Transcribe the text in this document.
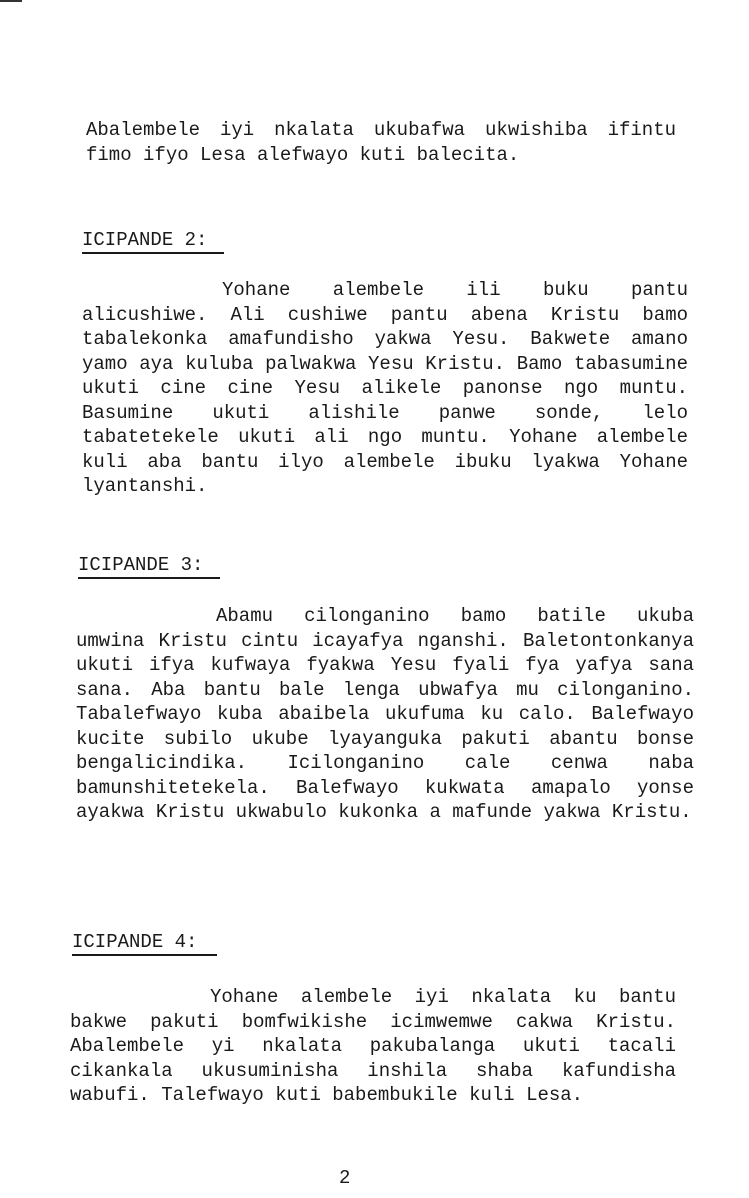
Abalembele iyi nkalata ukubafwa ukwishiba ifintu fimo ifyo Lesa alefwayo kuti balecita.

ICIPANDE 2:

Yohane alembele ili buku pantu alicushiwe. Ali cushiwe pantu abena Kristu bamo tabalekonka amafundisho yakwa Yesu. Bakwete amano yamo aya kuluba palwakwa Yesu Kristu. Bamo tabasumine ukuti cine cine Yesu alikele panonse ngo muntu. Basumine ukuti alishile panwe sonde, lelo tabatetekele ukuti ali ngo muntu. Yohane alembele kuli aba bantu ilyo alembele ibuku lyakwa Yohane lyantanshi.

ICIPANDE 3:

Abamu cilonganino bamo batile ukuba umwina Kristu cintu icayafya nganshi. Baletontonkanya ukuti ifya kufwaya fyakwa Yesu fyali fya yafya sana sana. Aba bantu bale lenga ubwafya mu cilonganino. Tabalefwayo kuba abaibela ukufuma ku calo. Balefwayo kucite subilo ukube lyayanguka pakuti abantu bonse bengalicindika. Icilonganino cale cenwa naba bamunshitetekela. Balefwayo kukwata amapalo yonse ayakwa Kristu ukwabulo kukonka a mafunde yakwa Kristu.

ICIPANDE 4:

Yohane alembele iyi nkalata ku bantu bakwe pakuti bomfwikishe icimwemwe cakwa Kristu. Abalembele yi nkalata pakubalanga ukuti tacali cikankala ukusuminisha inshila shaba kafundisha wabufi. Talefwayo kuti babembukile kuli Lesa.

2
